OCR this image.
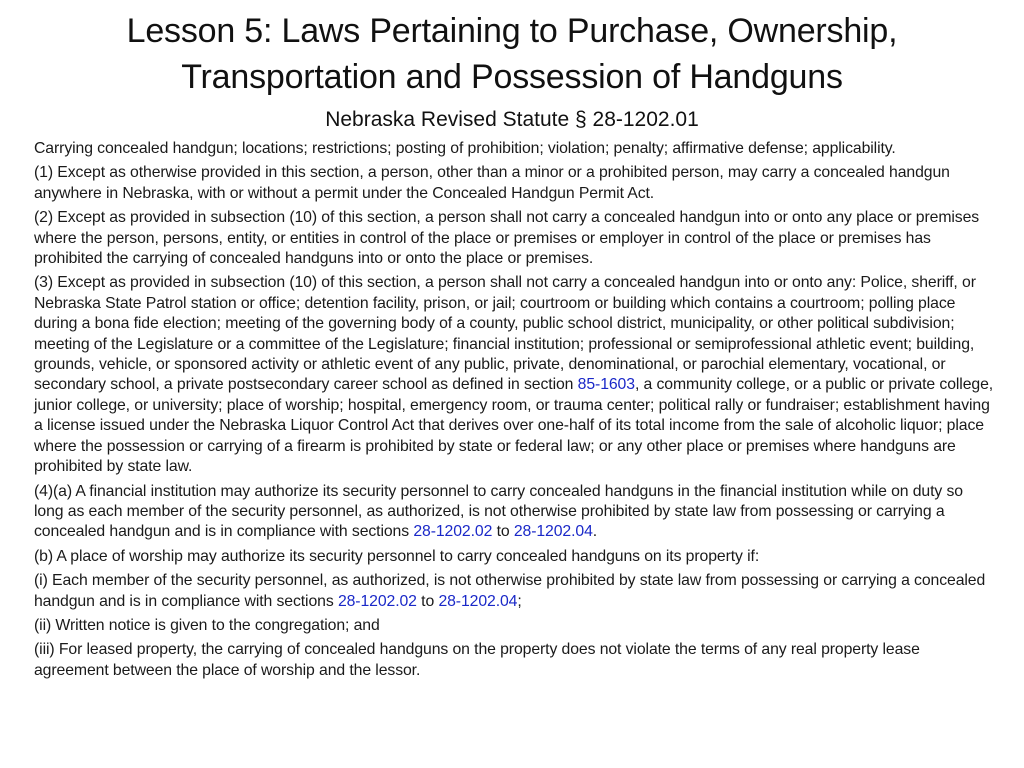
Lesson 5: Laws Pertaining to Purchase, Ownership,
Transportation and Possession of Handguns
Nebraska Revised Statute § 28-1202.01

Carrying concealed handgun; locations; restrictions; posting of prohibition; violation; penalty; affirmative defense; applicability.

(1) Except as otherwise provided in this section, a person, other than a minor or a prohibited person, may carry a concealed handgun anywhere in Nebraska, with or without a permit under the Concealed Handgun Permit Act.

(2) Except as provided in subsection (10) of this section, a person shall not carry a concealed handgun into or onto any place or premises where the person, persons, entity, or entities in control of the place or premises or employer in control of the place or premises has prohibited the carrying of concealed handguns into or onto the place or premises.

(3) Except as provided in subsection (10) of this section, a person shall not carry a concealed handgun into or onto any: Police, sheriff, or Nebraska State Patrol station or office; detention facility, prison, or jail; courtroom or building which contains a courtroom; polling place during a bona fide election; meeting of the governing body of a county, public school district, municipality, or other political subdivision; meeting of the Legislature or a committee of the Legislature; financial institution; professional or semiprofessional athletic event; building, grounds, vehicle, or sponsored activity or athletic event of any public, private, denominational, or parochial elementary, vocational, or secondary school, a private postsecondary career school as defined in section 85-1603, a community college, or a public or private college, junior college, or university; place of worship; hospital, emergency room, or trauma center; political rally or fundraiser; establishment having a license issued under the Nebraska Liquor Control Act that derives over one-half of its total income from the sale of alcoholic liquor; place where the possession or carrying of a firearm is prohibited by state or federal law; or any other place or premises where handguns are prohibited by state law.

(4)(a) A financial institution may authorize its security personnel to carry concealed handguns in the financial institution while on duty so long as each member of the security personnel, as authorized, is not otherwise prohibited by state law from possessing or carrying a concealed handgun and is in compliance with sections 28-1202.02 to 28-1202.04.

(b) A place of worship may authorize its security personnel to carry concealed handguns on its property if:

(i) Each member of the security personnel, as authorized, is not otherwise prohibited by state law from possessing or carrying a concealed handgun and is in compliance with sections 28-1202.02 to 28-1202.04;

(ii) Written notice is given to the congregation; and

(iii) For leased property, the carrying of concealed handguns on the property does not violate the terms of any real property lease agreement between the place of worship and the lessor.
